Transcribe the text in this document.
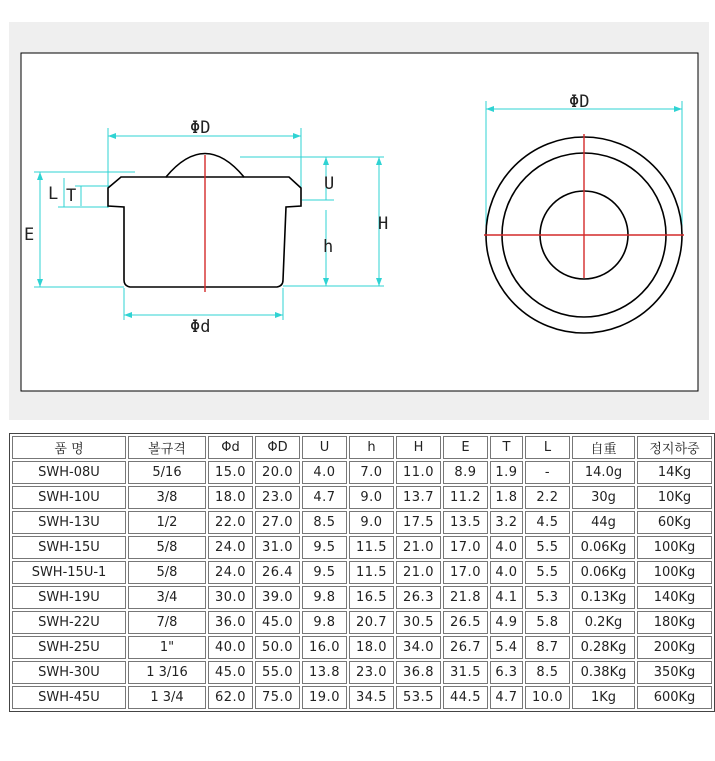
ΦD
Φd
L T
E
U
h
H
ΦD
품 명	볼규격	Φd	ΦD	U	h	H	E	T	L	自重	정지하중
SWH-08U	5/16	15.0	20.0	4.0	7.0	11.0	8.9	1.9	-	14.0g	14Kg
SWH-10U	3/8	18.0	23.0	4.7	9.0	13.7	11.2	1.8	2.2	30g	10Kg
SWH-13U	1/2	22.0	27.0	8.5	9.0	17.5	13.5	3.2	4.5	44g	60Kg
SWH-15U	5/8	24.0	31.0	9.5	11.5	21.0	17.0	4.0	5.5	0.06Kg	100Kg
SWH-15U-1	5/8	24.0	26.4	9.5	11.5	21.0	17.0	4.0	5.5	0.06Kg	100Kg
SWH-19U	3/4	30.0	39.0	9.8	16.5	26.3	21.8	4.1	5.3	0.13Kg	140Kg
SWH-22U	7/8	36.0	45.0	9.8	20.7	30.5	26.5	4.9	5.8	0.2Kg	180Kg
SWH-25U	1"	40.0	50.0	16.0	18.0	34.0	26.7	5.4	8.7	0.28Kg	200Kg
SWH-30U	1 3/16	45.0	55.0	13.8	23.0	36.8	31.5	6.3	8.5	0.38Kg	350Kg
SWH-45U	1 3/4	62.0	75.0	19.0	34.5	53.5	44.5	4.7	10.0	1Kg	600Kg
